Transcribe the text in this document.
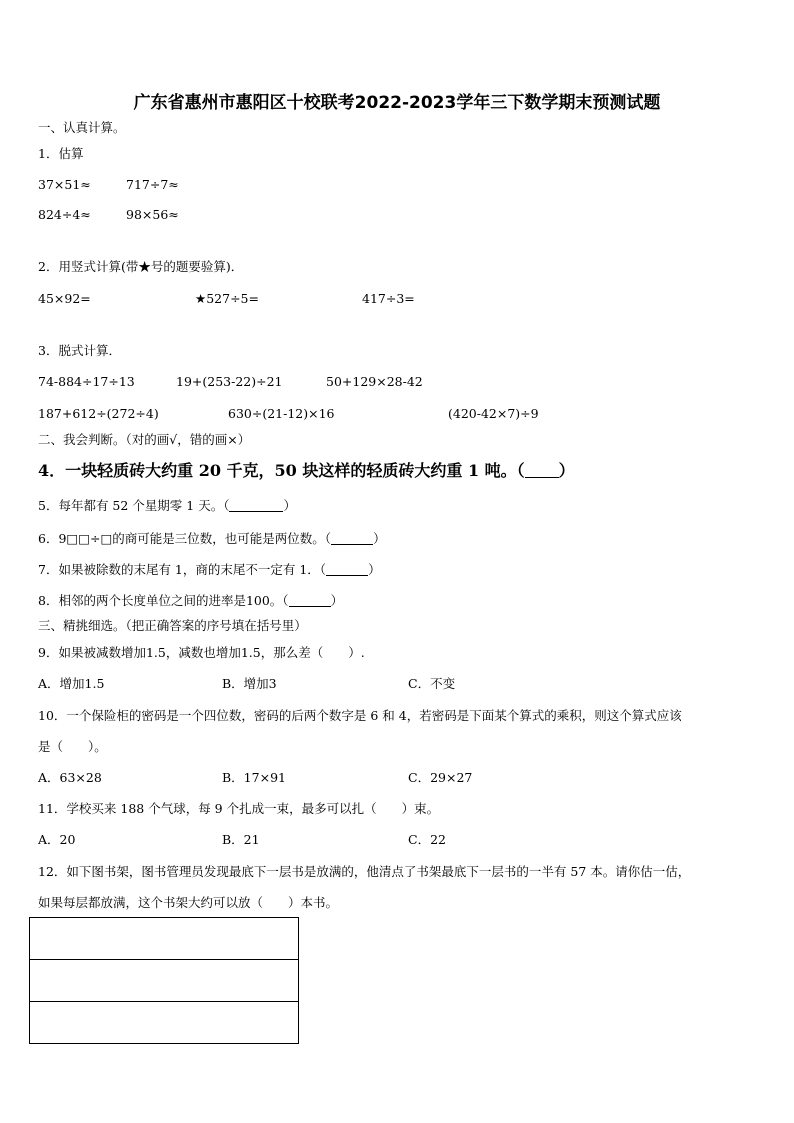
广东省惠州市惠阳区十校联考2022-2023学年三下数学期末预测试题
一、认真计算。
1．估算
37×51≈	717÷7≈
824÷4≈	98×56≈
2．用竖式计算(带★号的题要验算)．
45×92=	★527÷5=	417÷3=
3．脱式计算．
74-884÷17÷13	19+(253-22)÷21	50+129×28-42
187+612÷(272÷4)	630÷(21-12)×16	(420-42×7)÷9
二、我会判断。（对的画√，错的画×）
4．一块轻质砖大约重 20 千克，50 块这样的轻质砖大约重 1 吨。（ ）
5．每年都有 52 个星期零 1 天。（	）
6．9□□÷□的商可能是三位数，也可能是两位数。（	）
7．如果被除数的末尾有 1，商的末尾不一定有 1．（	）
8．相邻的两个长度单位之间的进率是100。（	）
三、精挑细选。（把正确答案的序号填在括号里）
9．如果被减数增加1.5，减数也增加1.5，那么差（　　）.
A．增加1.5	B．增加3	C．不变
10．一个保险柜的密码是一个四位数，密码的后两个数字是 6 和 4，若密码是下面某个算式的乘积，则这个算式应该
是（　　）。
A．63×28	B．17×91	C．29×27
11．学校买来 188 个气球，每 9 个扎成一束，最多可以扎（　　）束。
A．20	B．21	C．22
12．如下图书架，图书管理员发现最底下一层书是放满的，他清点了书架最底下一层书的一半有 57 本。请你估一估，
如果每层都放满，这个书架大约可以放（　　）本书。
